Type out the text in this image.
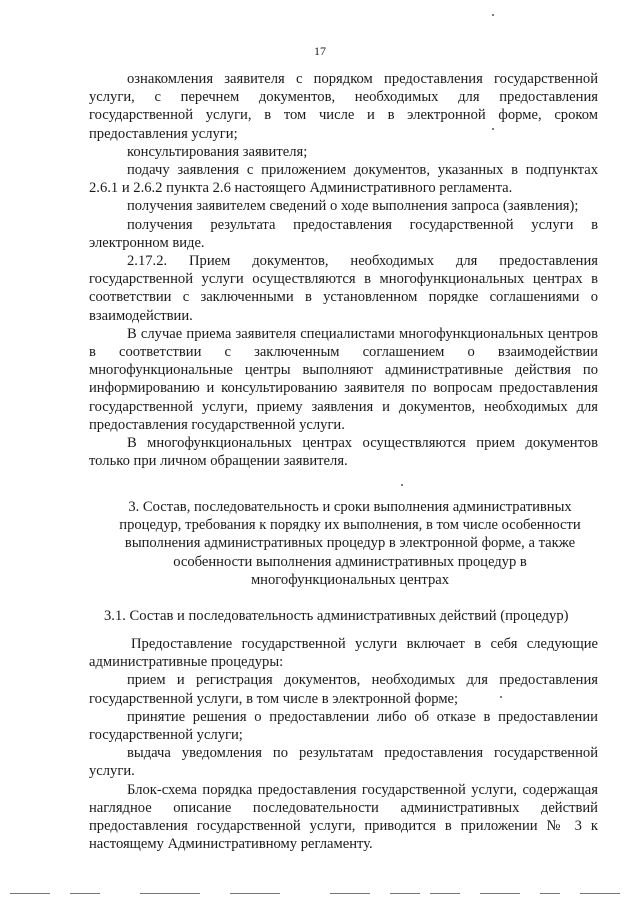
17

ознакомления заявителя с порядком предоставления государственной услуги, с перечнем документов, необходимых для предоставления государственной услуги, в том числе и в электронной форме, сроком предоставления услуги;

консультирования заявителя;

подачу заявления с приложением документов, указанных в подпунктах 2.6.1 и 2.6.2 пункта 2.6 настоящего Административного регламента.

получения заявителем сведений о ходе выполнения запроса (заявления);

получения результата предоставления государственной услуги в электронном виде.

2.17.2. Прием документов, необходимых для предоставления государственной услуги осуществляются в многофункциональных центрах в соответствии с заключенными в установленном порядке соглашениями о взаимодействии.

В случае приема заявителя специалистами многофункциональных центров в соответствии с заключенным соглашением о взаимодействии многофункциональные центры выполняют административные действия по информированию и консультированию заявителя по вопросам предоставления государственной услуги, приему заявления и документов, необходимых для предоставления государственной услуги.

В многофункциональных центрах осуществляются прием документов только при личном обращении заявителя.

3. Состав, последовательность и сроки выполнения административных
процедур, требования к порядку их выполнения, в том числе особенности
выполнения административных процедур в электронной форме, а также
особенности выполнения административных процедур в
многофункциональных центрах
3.1. Состав и последовательность административных действий (процедур)

Предоставление государственной услуги включает в себя следующие административные процедуры:

прием и регистрация документов, необходимых для предоставления государственной услуги, в том числе в электронной форме;

принятие решения о предоставлении либо об отказе в предоставлении государственной услуги;

выдача уведомления по результатам предоставления государственной услуги.

Блок-схема порядка предоставления государственной услуги, содержащая наглядное описание последовательности административных действий предоставления государственной услуги, приводится в приложении № 3 к настоящему Административному регламенту.
